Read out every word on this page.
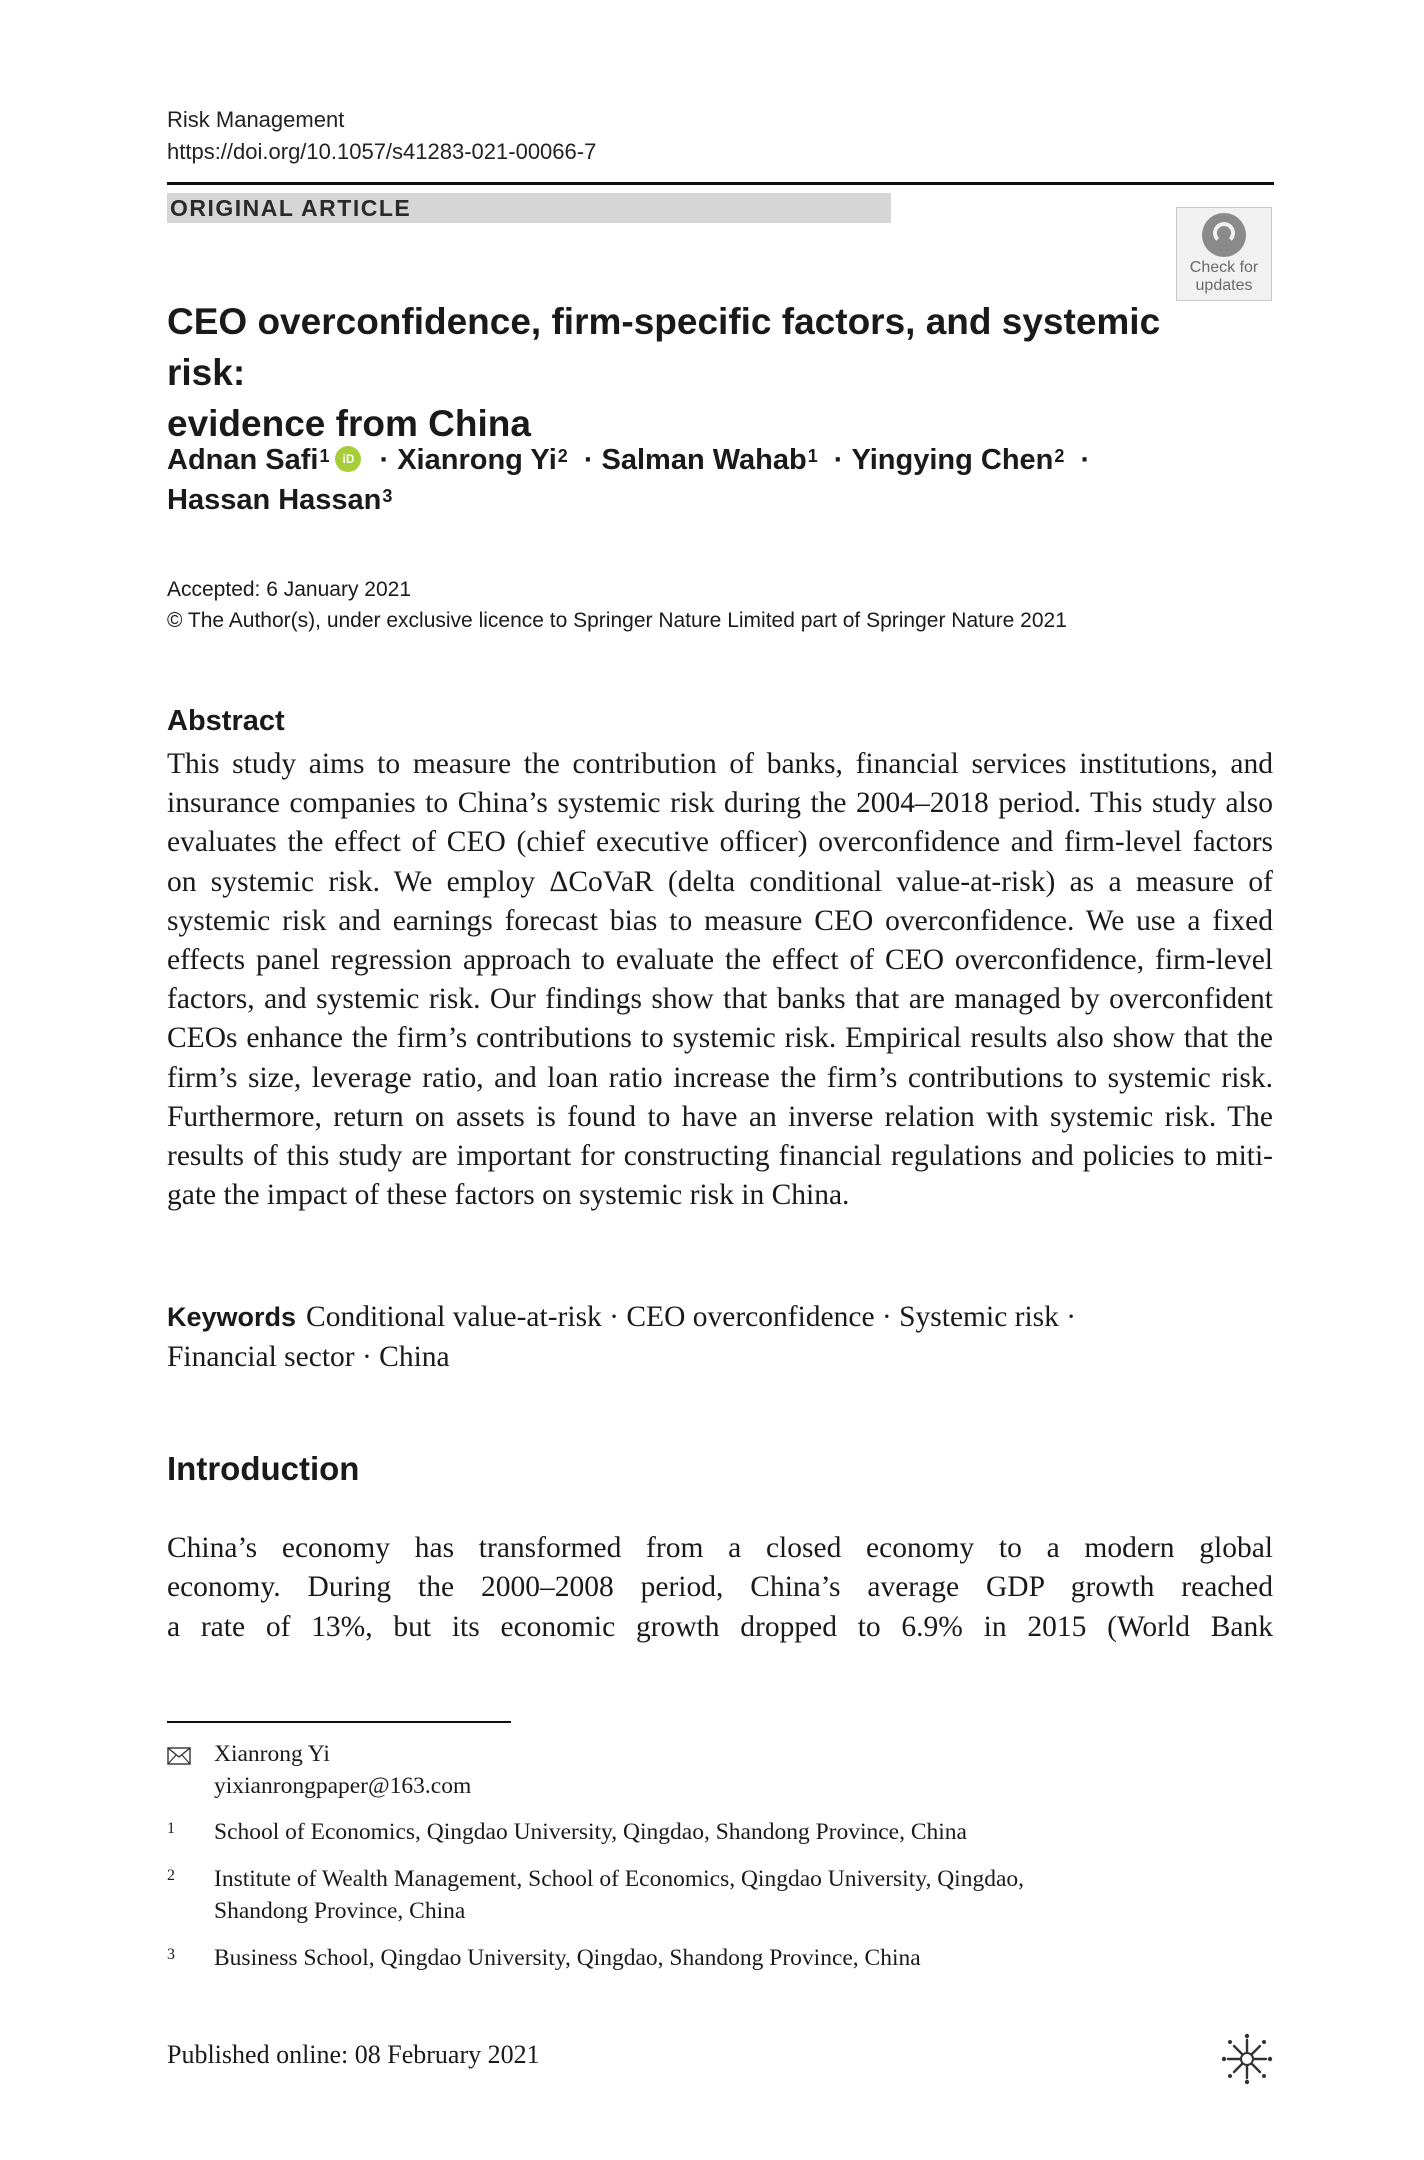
Risk Management
https://doi.org/10.1057/s41283-021-00066-7
ORIGINAL ARTICLE
Check for
updates
CEO overconfidence, firm-specific factors, and systemic risk:
evidence from China
Adnan Safi$^1$ iD · Xianrong $Yi^2$ · Salman Wahab$^1$ · Yingying Chen$^2$ ·
Hassan Hassan$^3$
Accepted: 6 January 2021
© The Author(s), under exclusive licence to Springer Nature Limited part of Springer Nature 2021
Abstract
This study aims to measure the contribution of banks, financial services institutions, and insurance companies to China’s systemic risk during the 2004–2018 period. This study also evaluates the effect of CEO (chief executive officer) overconfidence and firm-level factors on systemic risk. We employ ΔCoVaR (delta conditional value-at-risk) as a measure of systemic risk and earnings forecast bias to measure CEO overconfidence. We use a fixed effects panel regression approach to evaluate the effect of CEO overconfidence, firm-level factors, and systemic risk. Our findings show that banks that are managed by overconfident CEOs enhance the firm’s contributions to systemic risk. Empirical results also show that the firm’s size, leverage ratio, and loan ratio increase the firm’s contributions to systemic risk. Furthermore, return on assets is found to have an inverse relation with systemic risk. The results of this study are important for constructing financial regulations and policies to mitigate the impact of these factors on systemic risk in China.
Keywords Conditional value-at-risk · CEO overconfidence · Systemic risk ·
Financial sector · China
Introduction
China’s economy has transformed from a closed economy to a modern global
economy. During the 2000–2008 period, China’s average GDP growth reached
a rate of 13%, but its economic growth dropped to 6.9% in 2015 (World Bank
Xianrong Yi
yixianrongpaper@163.com
1 School of Economics, Qingdao University, Qingdao, Shandong Province, China
2 Institute of Wealth Management, School of Economics, Qingdao University, Qingdao,
Shandong Province, China
3 Business School, Qingdao University, Qingdao, Shandong Province, China
Published online: 08 February 2021
